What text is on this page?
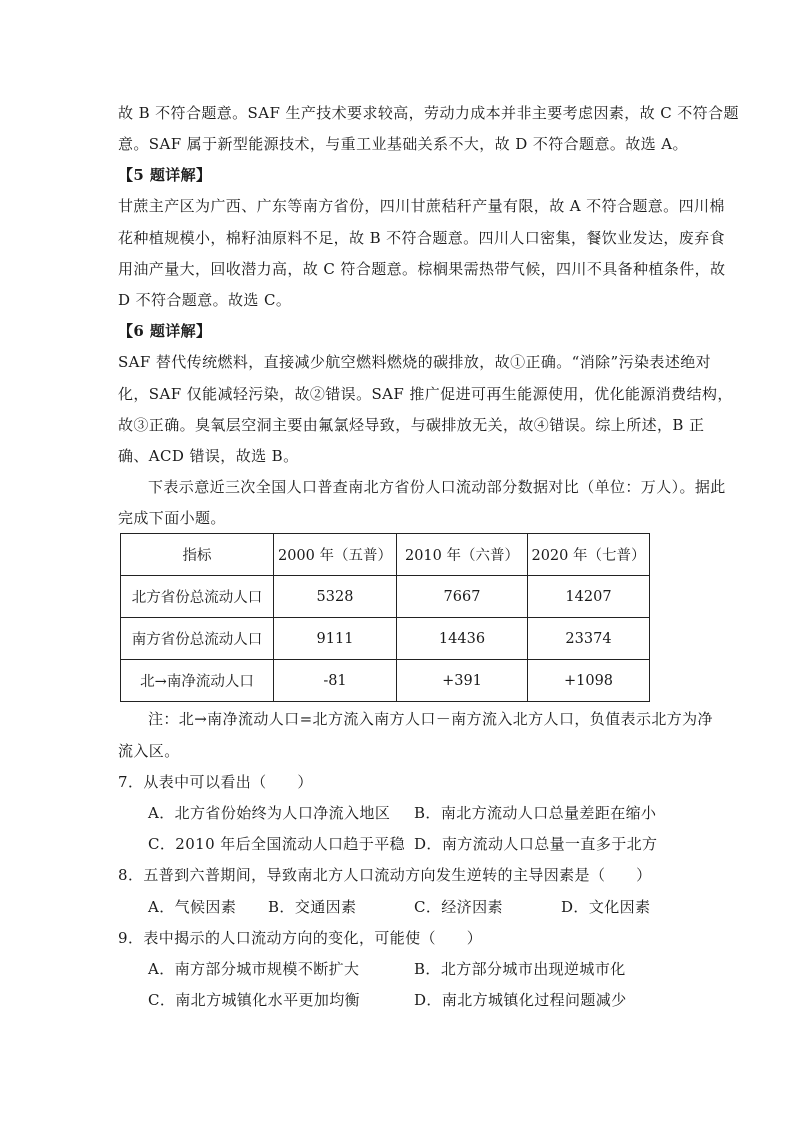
故 B 不符合题意。SAF 生产技术要求较高，劳动力成本并非主要考虑因素，故 C 不符合题
意。SAF 属于新型能源技术，与重工业基础关系不大，故 D 不符合题意。故选 A。
【5 题详解】
甘蔗主产区为广西、广东等南方省份，四川甘蔗秸秆产量有限，故 A 不符合题意。四川棉
花种植规模小，棉籽油原料不足，故 B 不符合题意。四川人口密集，餐饮业发达，废弃食
用油产量大，回收潜力高，故 C 符合题意。棕榈果需热带气候，四川不具备种植条件，故
D 不符合题意。故选 C。
【6 题详解】
SAF 替代传统燃料，直接减少航空燃料燃烧的碳排放，故①正确。“消除”污染表述绝对
化，SAF 仅能减轻污染，故②错误。SAF 推广促进可再生能源使用，优化能源消费结构，
故③正确。臭氧层空洞主要由氟氯烃导致，与碳排放无关，故④错误。综上所述，B 正
确、ACD 错误，故选 B。
下表示意近三次全国人口普查南北方省份人口流动部分数据对比（单位：万人）。据此
完成下面小题。
指标	2000 年（五普）	2010 年（六普）	2020 年（七普）
北方省份总流动人口	5328	7667	14207
南方省份总流动人口	9111	14436	23374
北→南净流动人口	-81	+391	+1098
注：北→南净流动人口=北方流入南方人口－南方流入北方人口，负值表示北方为净
流入区。
7．从表中可以看出（　　）
A．北方省份始终为人口净流入地区 B．南北方流动人口总量差距在缩小
C．2010 年后全国流动人口趋于平稳 D．南方流动人口总量一直多于北方
8．五普到六普期间，导致南北方人口流动方向发生逆转的主导因素是（　　）
A．气候因素 B．交通因素	C．经济因素	D．文化因素
9．表中揭示的人口流动方向的变化，可能使（　　）
A．南方部分城市规模不断扩大	B．北方部分城市出现逆城市化
C．南北方城镇化水平更加均衡	D．南北方城镇化过程问题减少
